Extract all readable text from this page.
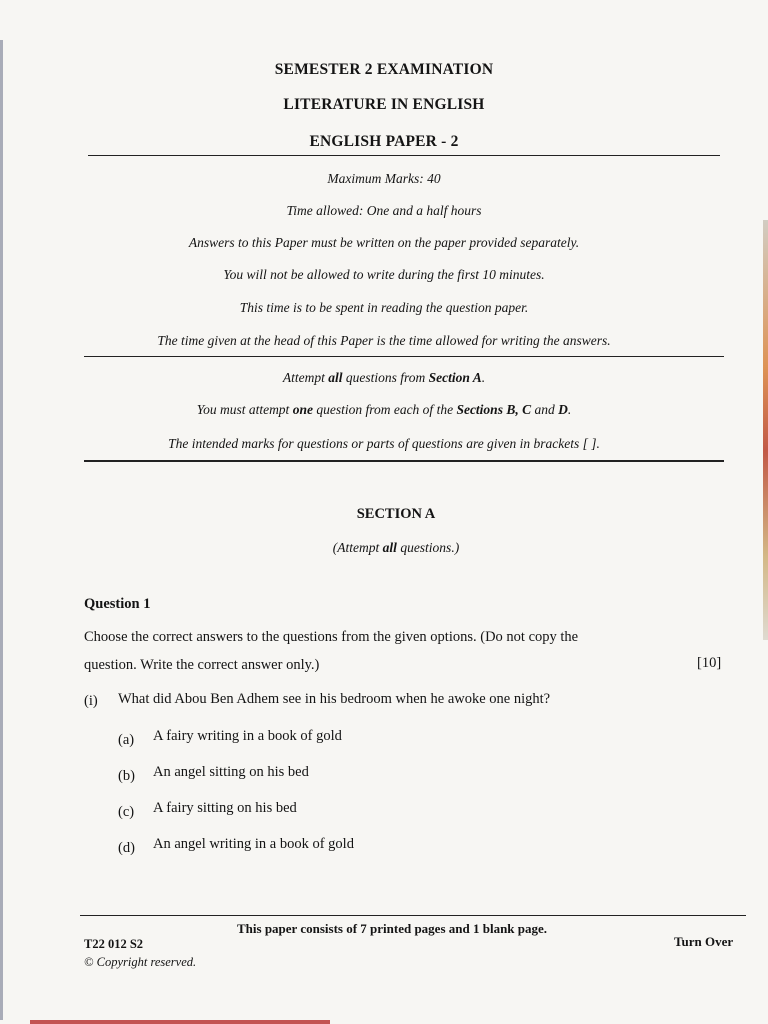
SEMESTER 2 EXAMINATION
LITERATURE IN ENGLISH
ENGLISH PAPER - 2
Maximum Marks: 40
Time allowed: One and a half hours
Answers to this Paper must be written on the paper provided separately.
You will not be allowed to write during the first 10 minutes.
This time is to be spent in reading the question paper.
The time given at the head of this Paper is the time allowed for writing the answers.
Attempt all questions from Section A.
You must attempt one question from each of the Sections B, C and D.
The intended marks for questions or parts of questions are given in brackets [ ].
SECTION A
(Attempt all questions.)
Question 1
Choose the correct answers to the questions from the given options. (Do not copy the
question. Write the correct answer only.)	[10]
(i) What did Abou Ben Adhem see in his bedroom when he awoke one night?
(a) A fairy writing in a book of gold
(b) An angel sitting on his bed
(c) A fairy sitting on his bed
(d) An angel writing in a book of gold
This paper consists of 7 printed pages and 1 blank page.
T22 012 S2
© Copyright reserved.
Turn Over
